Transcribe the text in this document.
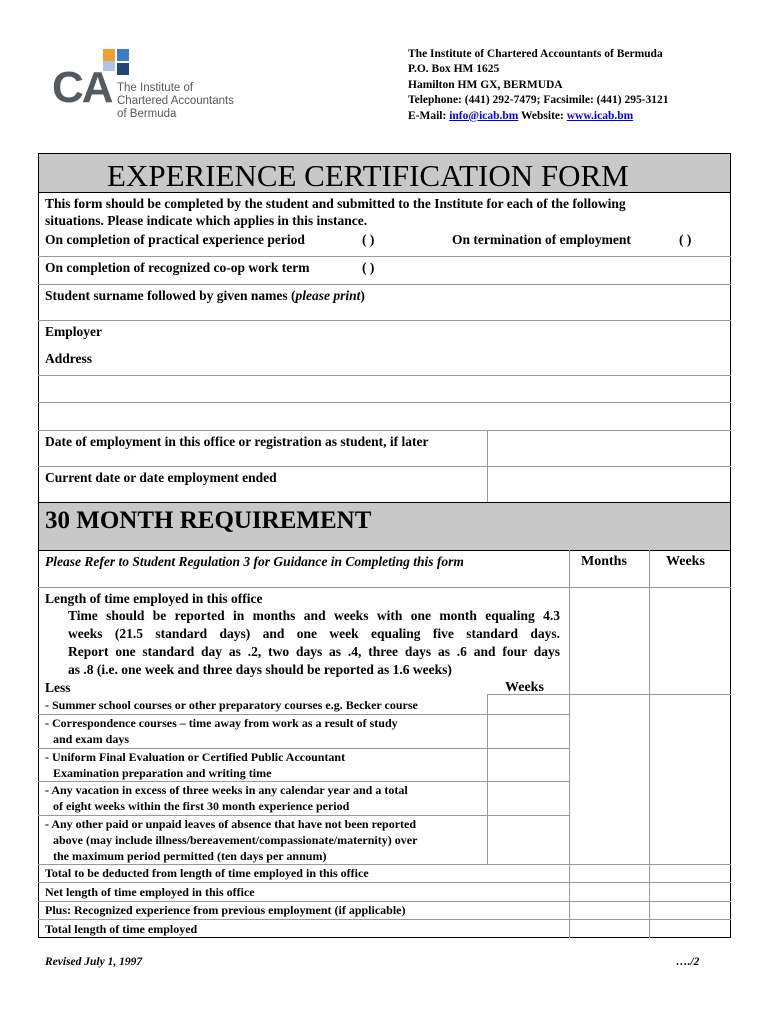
CA The Institute of
Chartered Accountants
of Bermuda
The Institute of Chartered Accountants of Bermuda
P.O. Box HM 1625
Hamilton HM GX, BERMUDA
Telephone: (441) 292-7479; Facsimile: (441) 295-3121
E-Mail: info@icab.bm Website: www.icab.bm
EXPERIENCE CERTIFICATION FORM
This form should be completed by the student and submitted to the Institute for each of the following
situations. Please indicate which applies in this instance.
On completion of practical experience period	( )	On termination of employment	( )
On completion of recognized co-op work term	( )
Student surname followed by given names (please print)
Employer
Address
Date of employment in this office or registration as student, if later
Current date or date employment ended
30 MONTH REQUIREMENT
Please Refer to Student Regulation 3 for Guidance in Completing this form	Months	Weeks
Length of time employed in this office
Time should be reported in months and weeks with one month equaling 4.3
weeks (21.5 standard days) and one week equaling five standard days.
Report one standard day as .2, two days as .4, three days as .6 and four days
as .8 (i.e. one week and three days should be reported as 1.6 weeks)
Less	Weeks
- Summer school courses or other preparatory courses e.g. Becker course
- Correspondence courses – time away from work as a result of study
and exam days
- Uniform Final Evaluation or Certified Public Accountant
Examination preparation and writing time
- Any vacation in excess of three weeks in any calendar year and a total
of eight weeks within the first 30 month experience period
- Any other paid or unpaid leaves of absence that have not been reported
above (may include illness/bereavement/compassionate/maternity) over
the maximum period permitted (ten days per annum)
Total to be deducted from length of time employed in this office
Net length of time employed in this office
Plus: Recognized experience from previous employment (if applicable)
Total length of time employed
Revised July 1, 1997	…./2
